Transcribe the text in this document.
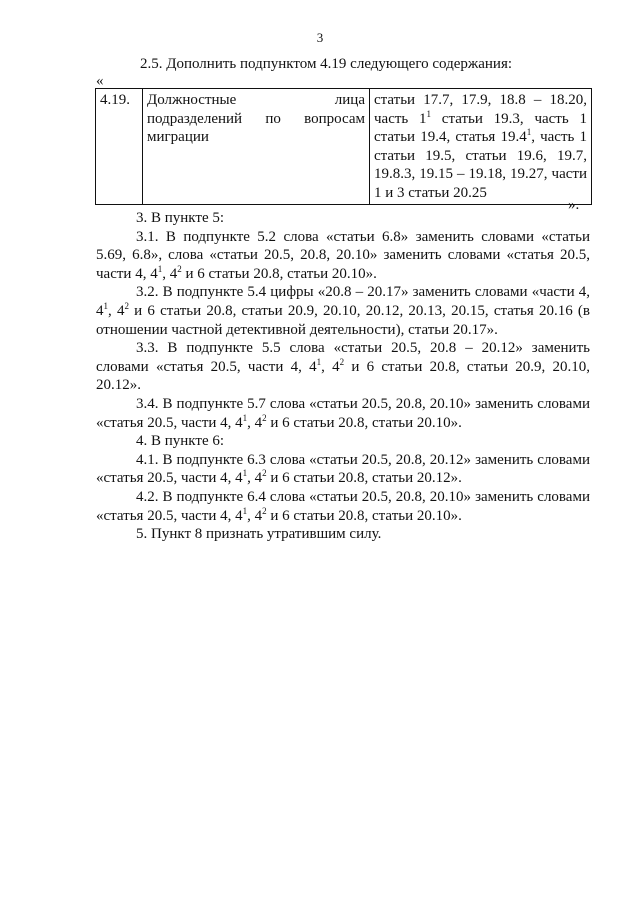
3
2.5. Дополнить подпунктом 4.19 следующего содержания:
«
4.19.	Должностные лица подразделений по вопросам миграции	статьи 17.7, 17.9, 18.8 – 18.20, часть $1^1$ статьи 19.3, часть 1 статьи 19.4, статья 19.4$^1$, часть 1 статьи 19.5, статьи 19.6, 19.7, 19.8.3, 19.15 – 19.18, 19.27, части 1 и 3 статьи 20.25
».

3. В пункте 5:

3.1. В подпункте 5.2 слова «статьи 6.8» заменить словами «статьи 5.69, 6.8», слова «статьи 20.5, 20.8, 20.10» заменить словами «статья 20.5, части 4, $4^1$, $4^2$ и 6 статьи 20.8, статьи 20.10».

3.2. В подпункте 5.4 цифры «20.8 – 20.17» заменить словами «части 4, $4^1$, $4^2$ и 6 статьи 20.8, статьи 20.9, 20.10, 20.12, 20.13, 20.15, статья 20.16 (в отношении частной детективной деятельности), статьи 20.17».

3.3. В подпункте 5.5 слова «статьи 20.5, 20.8 – 20.12» заменить словами «статья 20.5, части 4, $4^1$, $4^2$ и 6 статьи 20.8, статьи 20.9, 20.10, 20.12».

3.4. В подпункте 5.7 слова «статьи 20.5, 20.8, 20.10» заменить словами «статья 20.5, части 4, $4^1$, $4^2$ и 6 статьи 20.8, статьи 20.10».

4. В пункте 6:

4.1. В подпункте 6.3 слова «статьи 20.5, 20.8, 20.12» заменить словами «статья 20.5, части 4, $4^1$, $4^2$ и 6 статьи 20.8, статьи 20.12».

4.2. В подпункте 6.4 слова «статьи 20.5, 20.8, 20.10» заменить словами «статья 20.5, части 4, $4^1$, $4^2$ и 6 статьи 20.8, статьи 20.10».

5. Пункт 8 признать утратившим силу.
